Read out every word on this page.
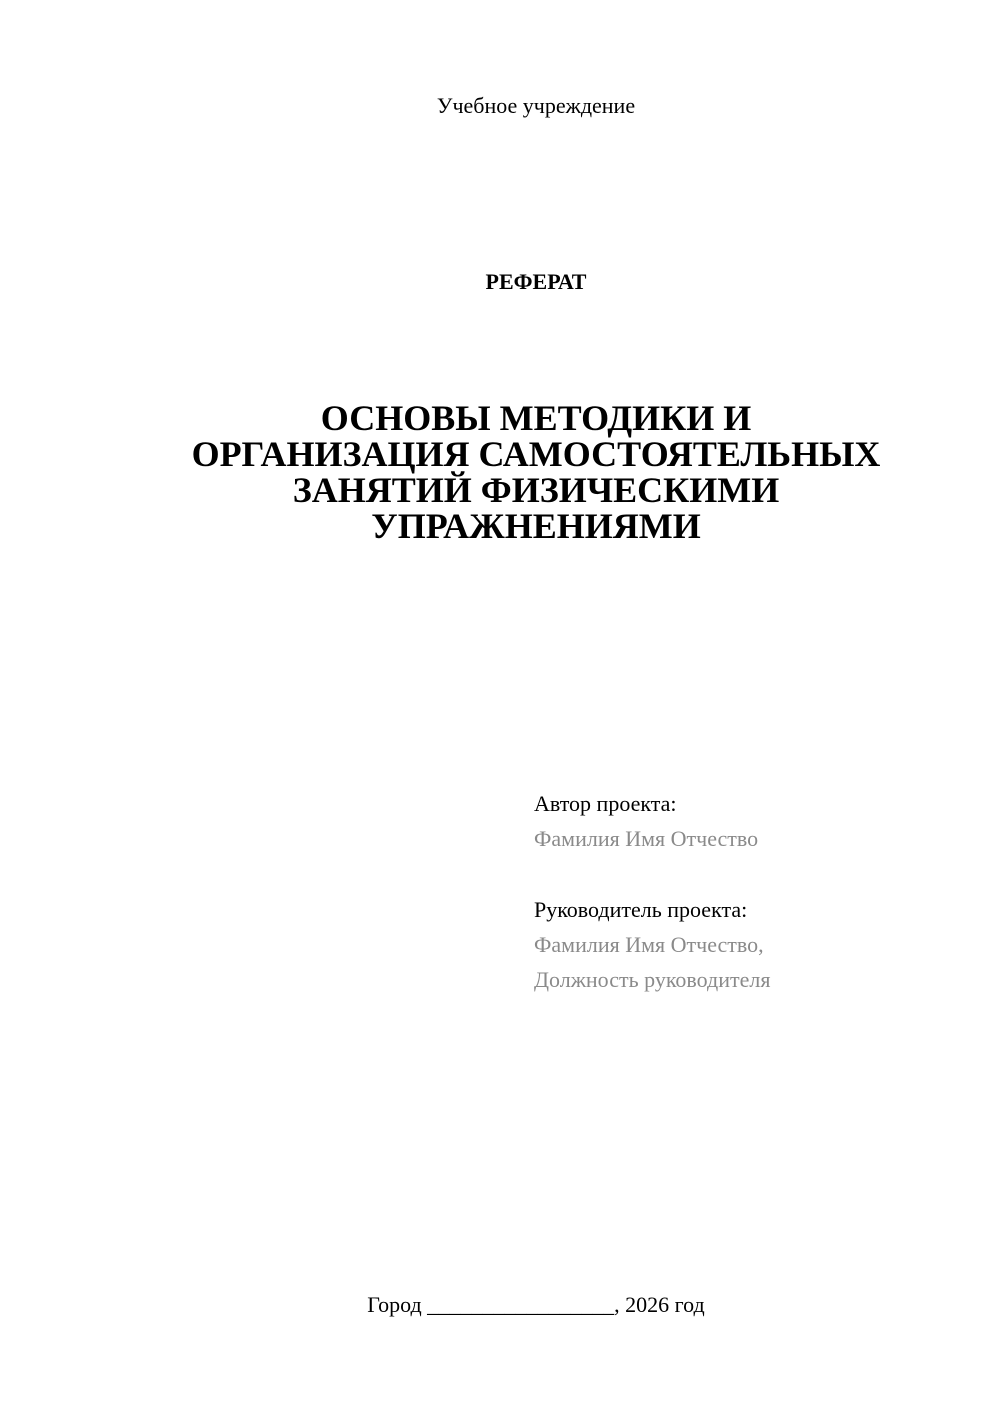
Учебное учреждение
РЕФЕРАТ
ОСНОВЫ МЕТОДИКИ И
ОРГАНИЗАЦИЯ САМОСТОЯТЕЛЬНЫХ
ЗАНЯТИЙ ФИЗИЧЕСКИМИ
УПРАЖНЕНИЯМИ
Автор проекта:
Фамилия Имя Отчество
Руководитель проекта:
Фамилия Имя Отчество,
Должность руководителя
Город _________________, 2026 год
